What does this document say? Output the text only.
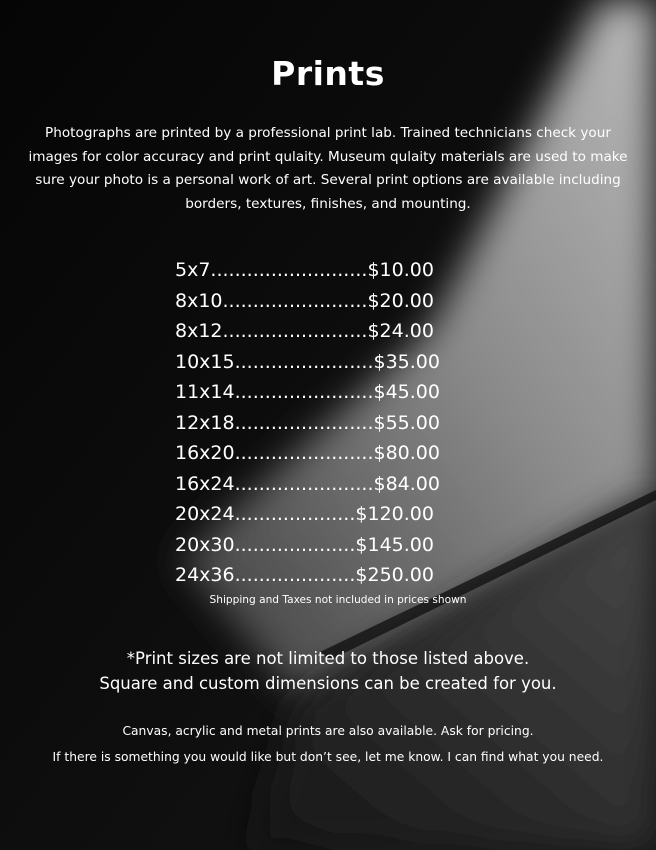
Prints
Photographs are printed by a professional print lab. Trained technicians check your images for color accuracy and print qulaity. Museum qulaity materials are used to make sure your photo is a personal work of art. Several print options are available including borders, textures, finishes, and mounting.
5x7..........................$10.00
8x10........................$20.00
8x12........................$24.00
10x15.......................$35.00
11x14.......................$45.00
12x18.......................$55.00
16x20.......................$80.00
16x24.......................$84.00
20x24....................$120.00
20x30....................$145.00
24x36....................$250.00
Shipping and Taxes not included in prices shown
*Print sizes are not limited to those listed above.
Square and custom dimensions can be created for you.
Canvas, acrylic and metal prints are also available. Ask for pricing.
If there is something you would like but don’t see, let me know. I can find what you need.
